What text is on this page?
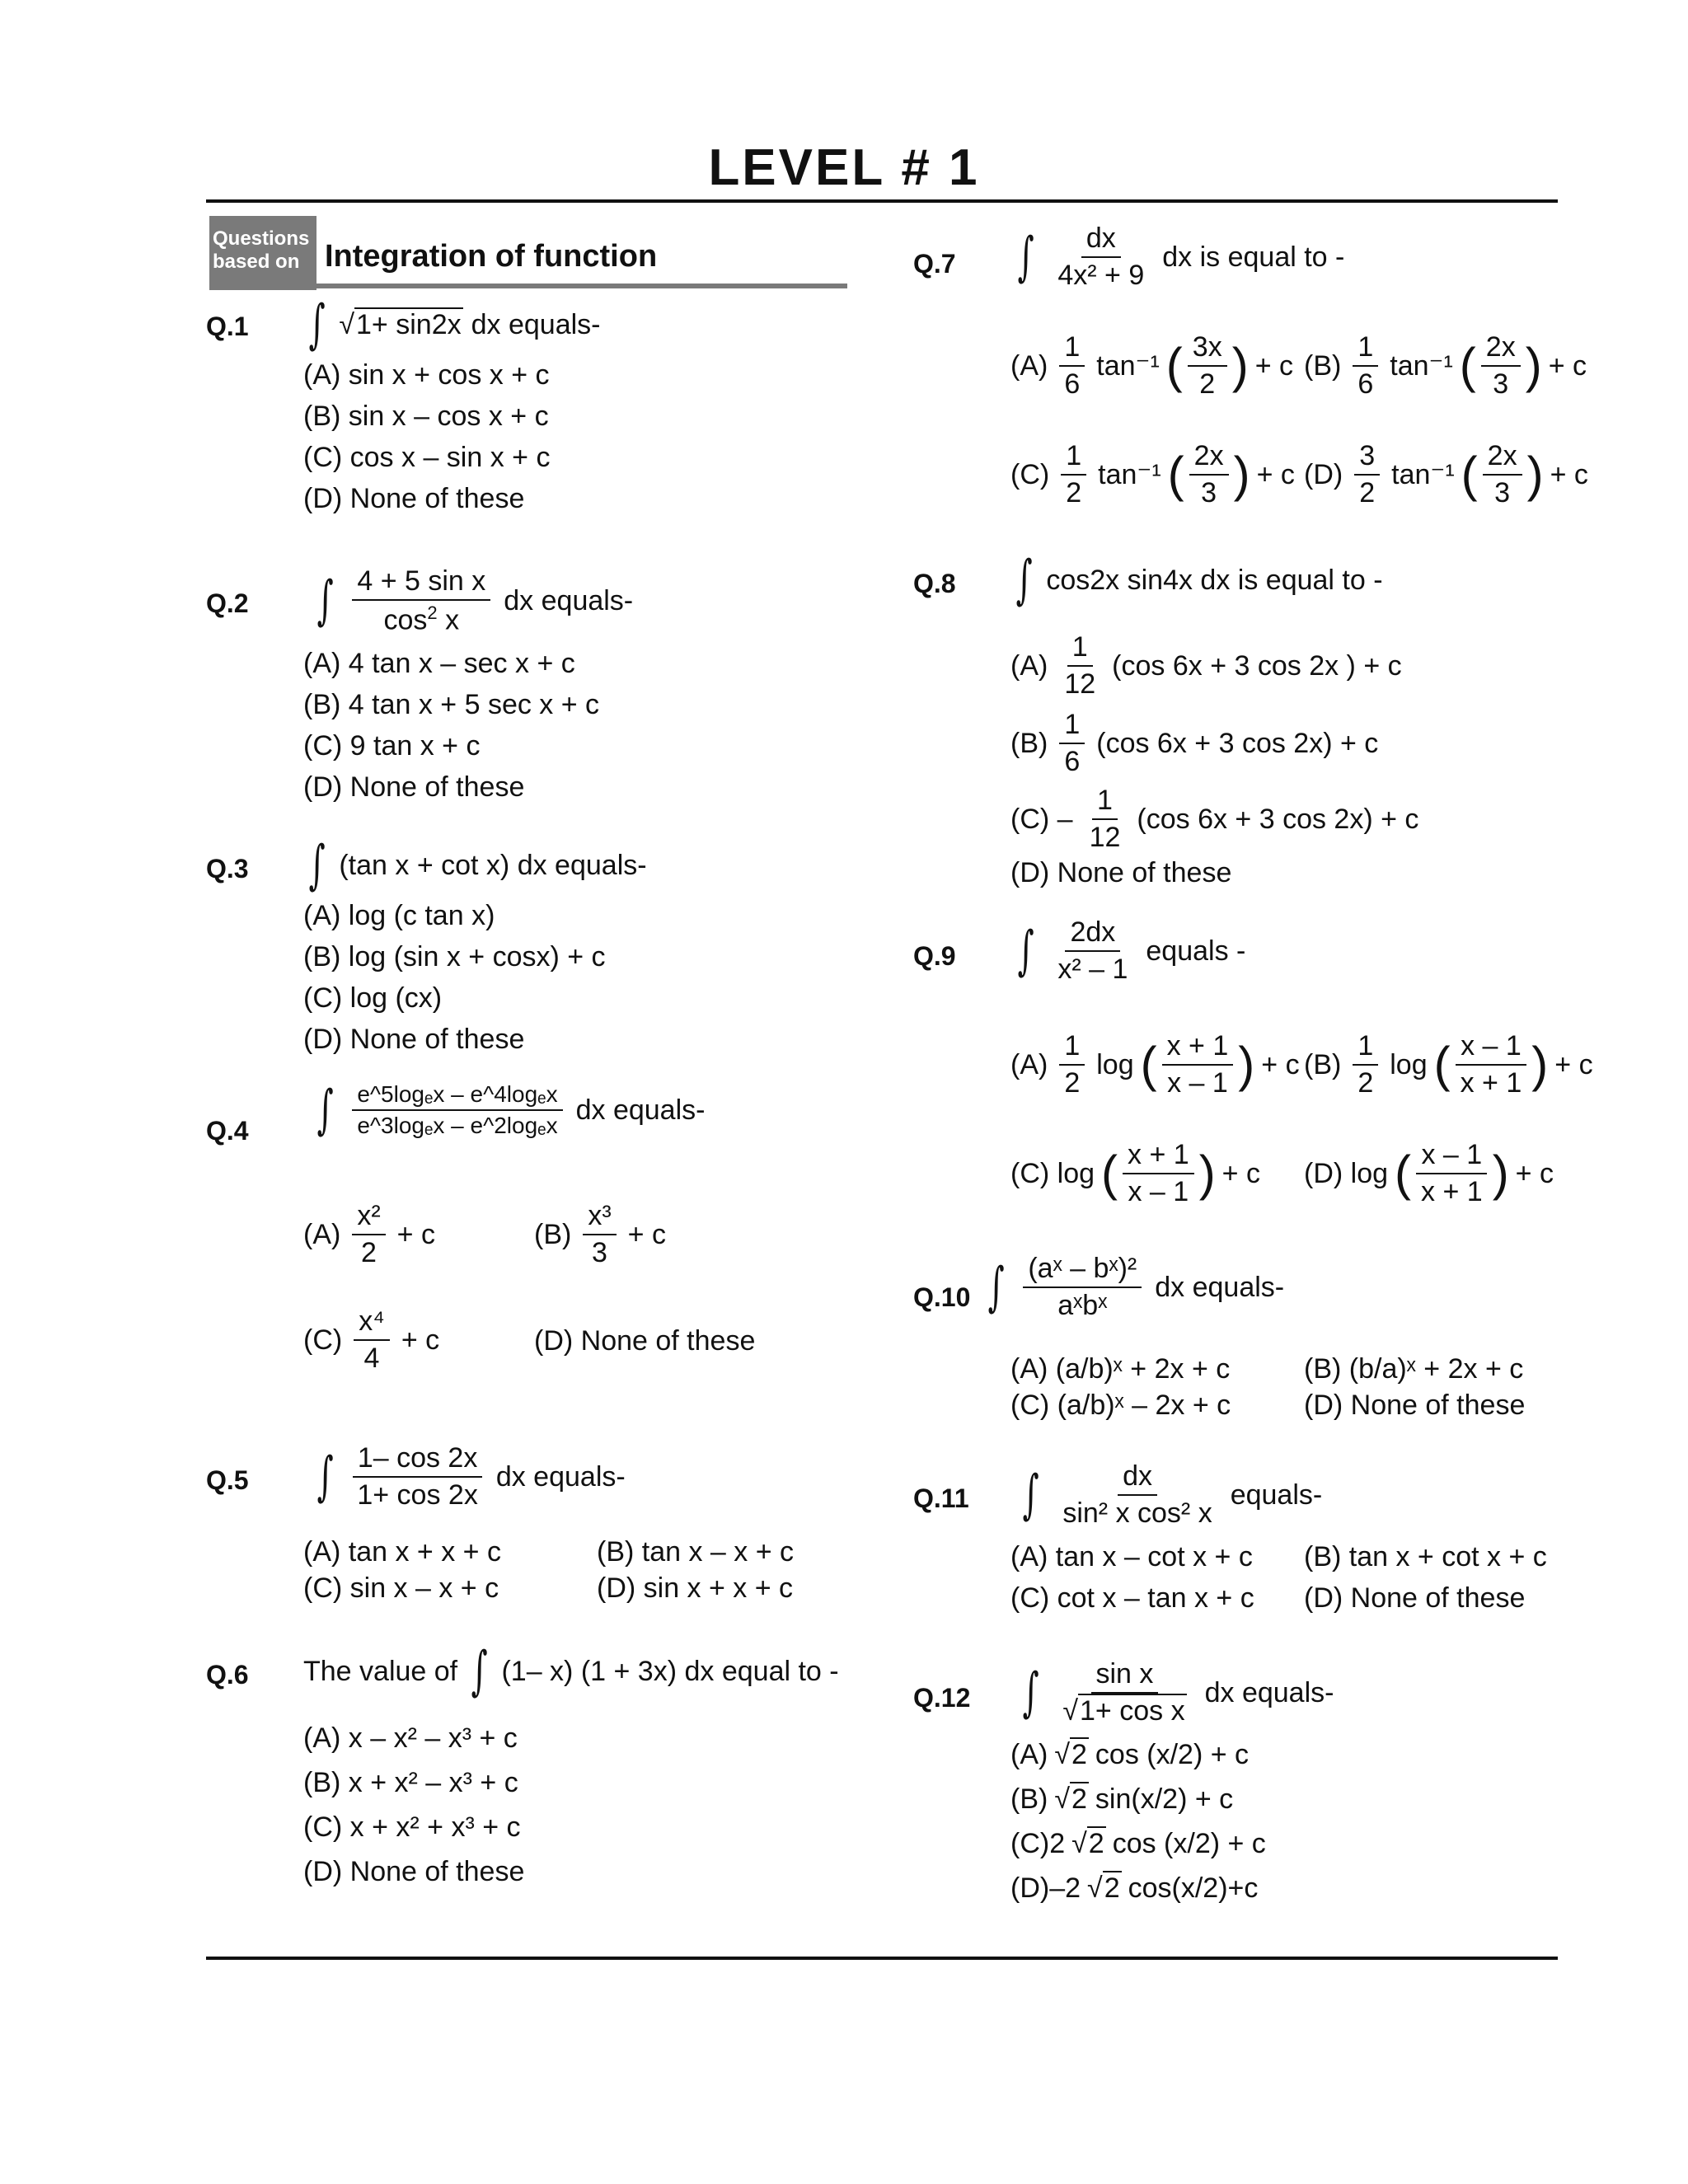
LEVEL # 1
Questions based on Integration of function
Q.1 ∫ √1+ sin2x dx equals-
(A) sin x + cos x + c
(B) sin x – cos x + c
(C) cos x – sin x + c
(D) None of these
Q.2 ∫ $\frac{\text{4 + 5 sin x}}{\cos^2 x}$ dx equals-
(A) 4 tan x – sec x + c
(B) 4 tan x + 5 sec x + c
(C) 9 tan x + c
(D) None of these
Q.3 ∫ (tan x + cot x) dx equals-
(A) log (c tan x)
(B) log (sin x + cosx) + c
(C) log (cx)
(D) None of these
Q.4 ∫ $\frac{\text{e\textasciicircum{}5logₑx – e\textasciicircum{}4logₑx}}{\text{e\textasciicircum{}3logₑx – e\textasciicircum{}2logₑx}}$ dx equals-
$(A) \frac{\text{x²}}{2} + c$	$(B) \frac{\text{x³}}{3} + c$
$(C) \frac{\text{x⁴}}{4} + c$	(D) None of these
Q.5 ∫ $\frac{1- \cos 2x}{1+ \cos 2x}$ dx equals-
(A) tan x + x + c	(B) tan x – x + c
(C) sin x – x + c	(D) sin x + x + c
Q.6 The value of ∫ (1– x) (1 + 3x) dx equal to -
(A) x – x² – x³ + c
(B) x + x² – x³ + c
(C) x + x² + x³ + c
(D) None of these
Q.7 ∫ $\frac{dx}{\text{4x² + 9}}$ dx is equal to -
$(A) \frac{1}{6} \tan^{-1}$ ( $\frac{3x}{2}$ ) + c $(B) \frac{1}{6} \tan^{-1}$ ( $\frac{2x}{3}$ ) + c
$(C) \frac{1}{2} \tan^{-1}$ ( $\frac{2x}{3}$ ) + c $(D) \frac{3}{2} \tan^{-1}$ ( $\frac{2x}{3}$ ) + c
Q.8 ∫ cos2x sin4x dx is equal to -
$(A) \frac{1}{12} (\cos$ 6x + 3 cos 2x ) + c
$(B) \frac{1}{6} (\cos$ 6x + 3 cos 2x) + c
$(C) - \frac{1}{12} (\cos$ 6x + 3 cos 2x) + c
(D) None of these
Q.9 ∫ $\frac{2dx}{\text{x² – 1}}$ equals -
$(A) \frac{1}{2}$ log ( $\frac{x + 1}{x - 1}$ ) + c $(B) \frac{1}{2}$ log ( $\frac{x - 1}{x + 1}$ ) + c
(C) log ( $\frac{x + 1}{x - 1}$ ) + c (D) log ( $\frac{x - 1}{x + 1}$ ) + c
Q.10 ∫ $\frac{\text{(aˣ – bˣ)²}}{\text{aˣbˣ}}$ dx equals-
(A) (a/b)ˣ + 2x + c	(B) (b/a)ˣ + 2x + c
(C) (a/b)ˣ – 2x + c	(D) None of these
Q.11 ∫ $\frac{dx}{\text{sin² x cos² x}}$ equals-
(A) tan x – cot x + c (B) tan x + cot x + c
(C) cot x – tan x + c (D) None of these
Q.12 ∫ $\frac{\text{sin x}}{\text{√1+ cos x}}$ dx equals-
(A) √2 cos (x/2) + c
(B) √2 sin(x/2) + c
(C)2 √2 cos (x/2) + c
(D)–2 √2 cos(x/2)+c
